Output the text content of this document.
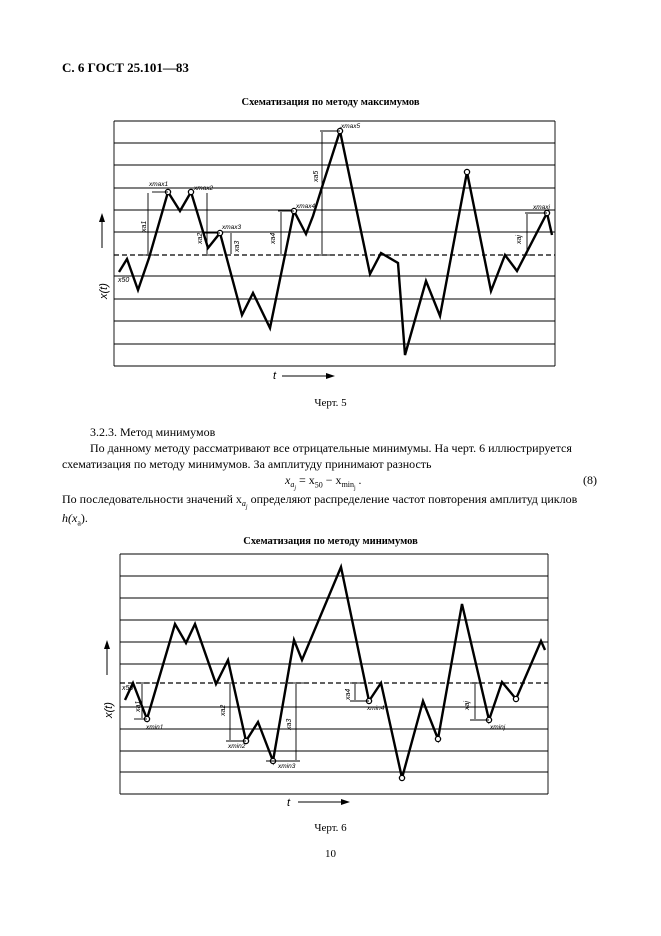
С. 6 ГОСТ 25.101—83
Схематизация по методу максимумов
x50
xa1
xmax1
xmax2
xa2
xmax3
xa3
xa4
xmax4
xa5
xmax5
xaj
xmaxj
x(t)
t
Черт. 5
3.2.3. Метод минимумов
По данному методу рассматривают все отрицательные минимумы. На черт. 6 иллюстрируется схематизация по методу минимумов. За амплитуду принимают разность
$x_{a_j} = x_{50} - x_{min_j}$ .	(8)
По последовательности значений $x_{a_j}$ определяют распределение частот повторения амплитуд циклов
$h(x_a)$.
Схематизация по методу минимумов
x50
xa1
xmin1
xa2
xmin2
xa3
xmin3
xa4
xmin4	xaj
xminj
x(t)
t
Черт. 6
10
